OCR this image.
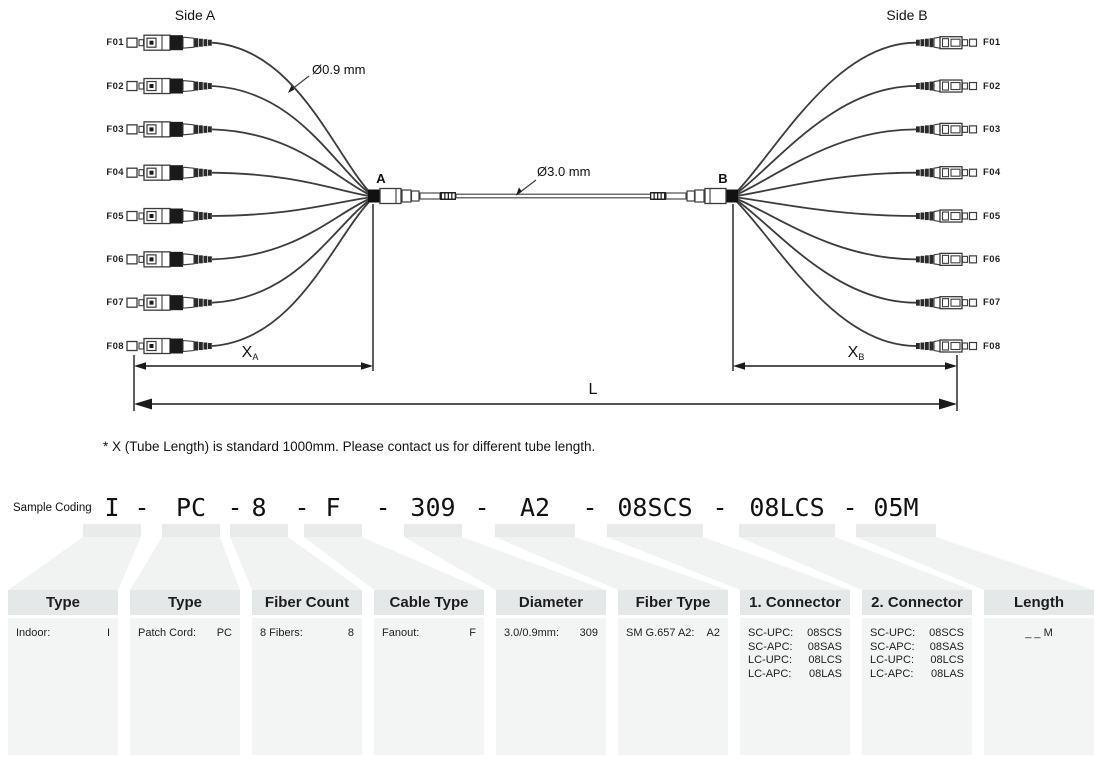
Side A	Side B
A	B
Ø0.9 mm
Ø3.0 mm
XA	XB
L
* X (Tube Length) is standard 1000mm. Please contact us for different tube length.
Sample Coding I PC 8 F	309	A2	08SCS 08LCS 05M
-	- -	-	-	-	-	-
Type
Indoor:	I
Type
Patch Cord: PC
Fiber Count
8 Fibers:	8
Cable Type
Fanout:	F
Diameter
3.0/0.9mm: 309
Fiber Type
SM G.657 A2: A2
1. Connector
SC-UPC: 08SCS
SC-APC: 08SAS
LC-UPC: 08LCS
LC-APC: 08LAS
2. Connector
SC-UPC: 08SCS
SC-APC: 08SAS
LC-UPC: 08LCS
LC-APC: 08LAS
Length
_ _ M
F01	F01
F02	F02
F03	F03
F04	F04
F05	F05
F06	F06
F07	F07
F08	F08
